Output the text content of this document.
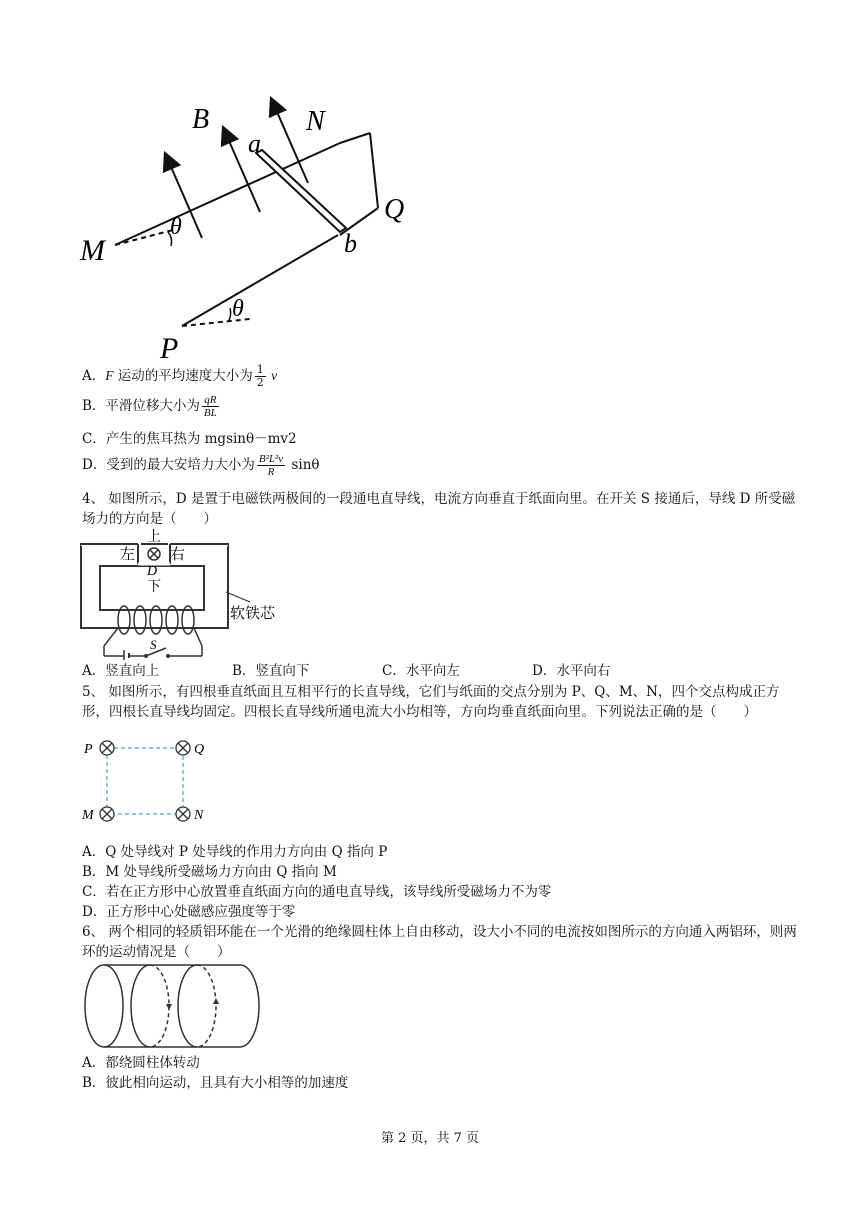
B
a
N
Q
M
θ
b
θ
P
A．F 运动的平均速度大小为 $\frac{1}{2}$ v
B．平滑位移大小为 $\frac{qR}{BL}$
C．产生的焦耳热为 mgsinθ－mv2
D．受到的最大安培力大小为 $\frac{\text{B²L²v}}{R}$ sinθ
4、 如图所示，D 是置于电磁铁两极间的一段通电直导线，电流方向垂直于纸面向里。在开关 S 接通后，导线 D 所受磁场力的方向是（　　）
上
左 右
D
下
S
软铁芯
A．竖直向上	B．竖直向下	C．水平向左	D．水平向右
5、 如图所示，有四根垂直纸面且互相平行的长直导线，它们与纸面的交点分别为 P、Q、M、N，四个交点构成正方形，四根长直导线均固定。四根长直导线所通电流大小均相等，方向均垂直纸面向里。下列说法正确的是（　　）
P	Q
M	N
A．Q 处导线对 P 处导线的作用力方向由 Q 指向 P
B．M 处导线所受磁场力方向由 Q 指向 M
C．若在正方形中心放置垂直纸面方向的通电直导线，该导线所受磁场力不为零
D．正方形中心处磁感应强度等于零
6、 两个相同的轻质铝环能在一个光滑的绝缘圆柱体上自由移动，设大小不同的电流按如图所示的方向通入两铝环，则两环的运动情况是（　　）
A．都绕圆柱体转动
B．彼此相向运动，且具有大小相等的加速度
第 2 页，共 7 页
